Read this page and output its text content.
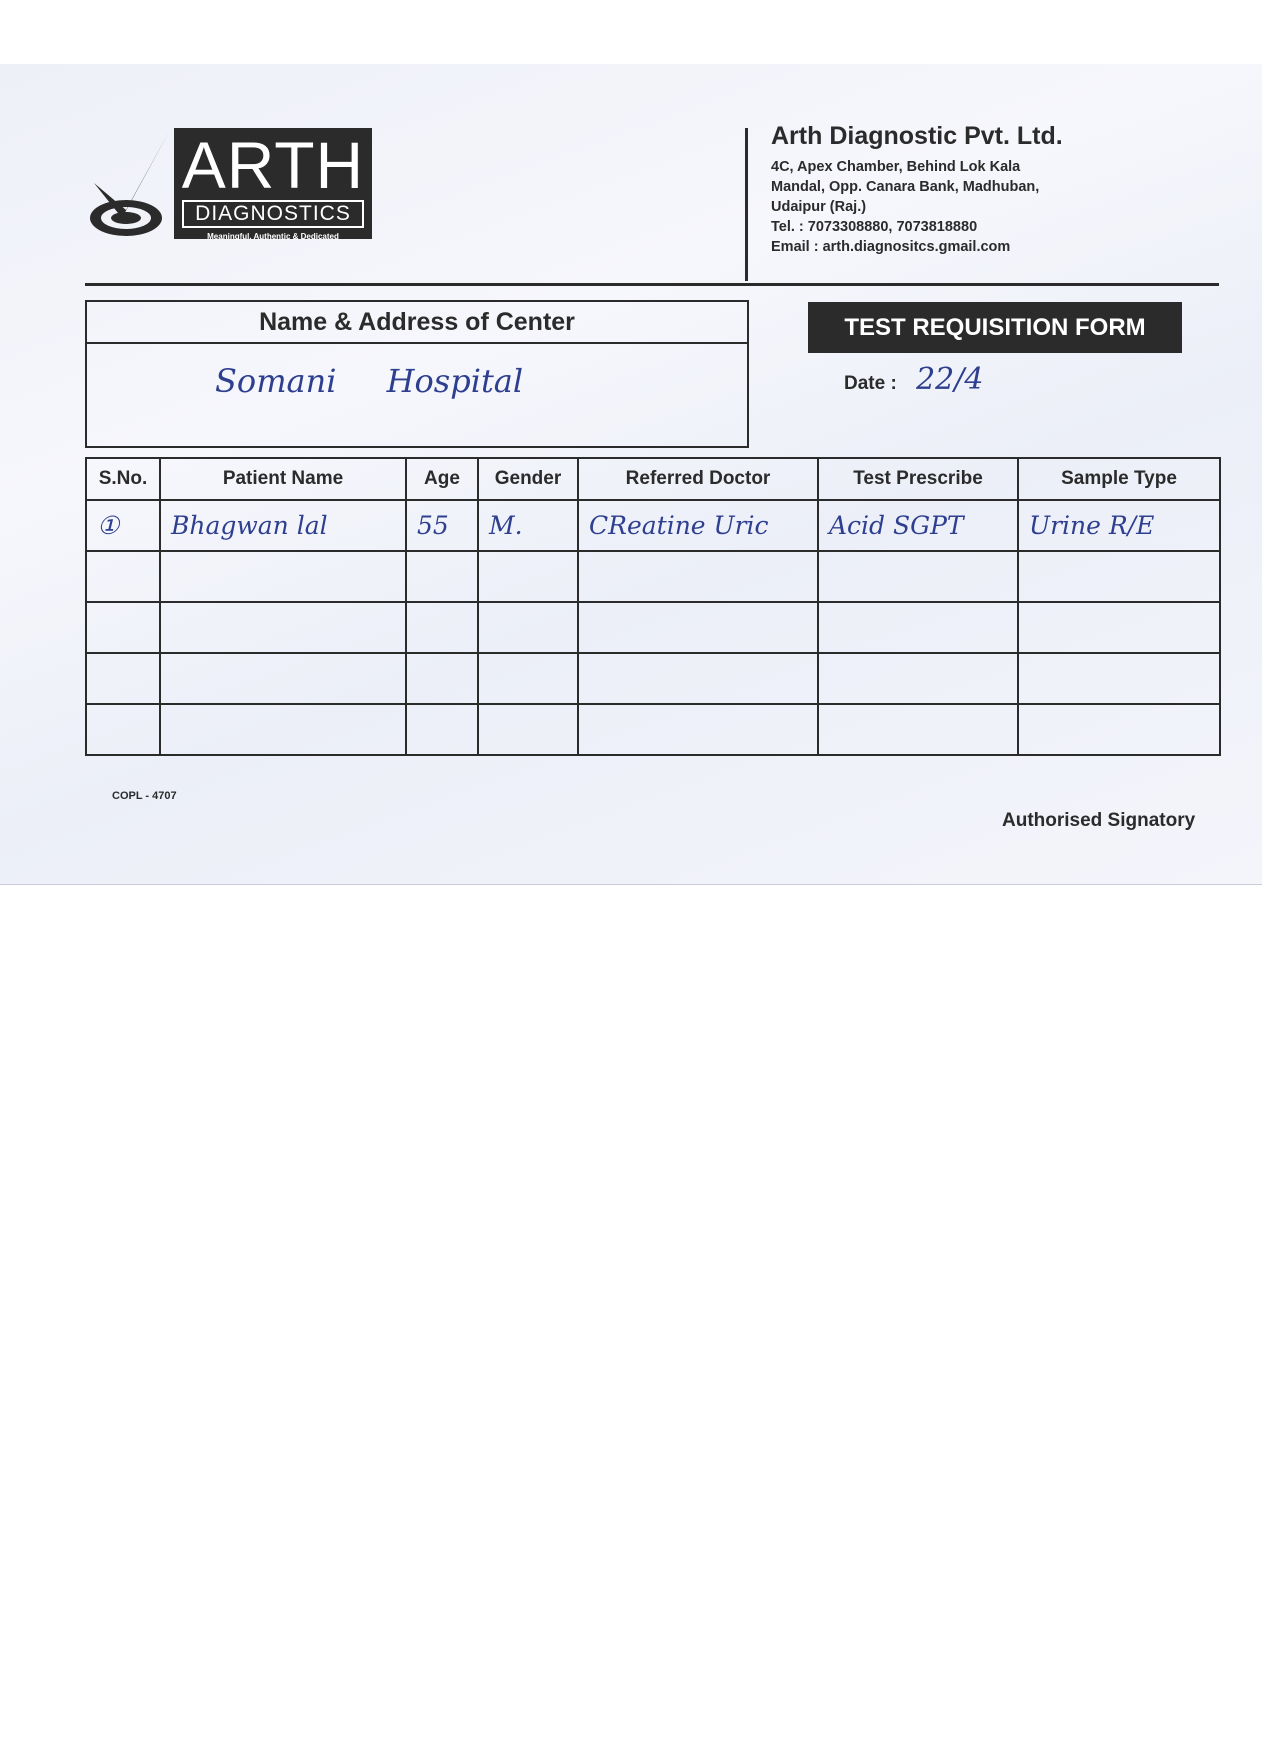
ARTH
DIAGNOSTICS
Meaningful, Authentic & Dedicated
Arth Diagnostic Pvt. Ltd.
4C, Apex Chamber, Behind Lok Kala
Mandal, Opp. Canara Bank, Madhuban,
Udaipur (Raj.)
Tel. : 7073308880, 7073818880
Email : arth.diagnositcs.gmail.com
Name & Address of Center
Somani Hospital
TEST REQUISITION FORM
Date : 22/4
S.No.	Patient Name	Age	Gender	Referred Doctor	Test Prescribe	Sample Type
①	Bhagwan lal	55	M.	CReatine Uric	Acid SGPT	Urine R/E

COPL - 4707
Authorised Signatory
